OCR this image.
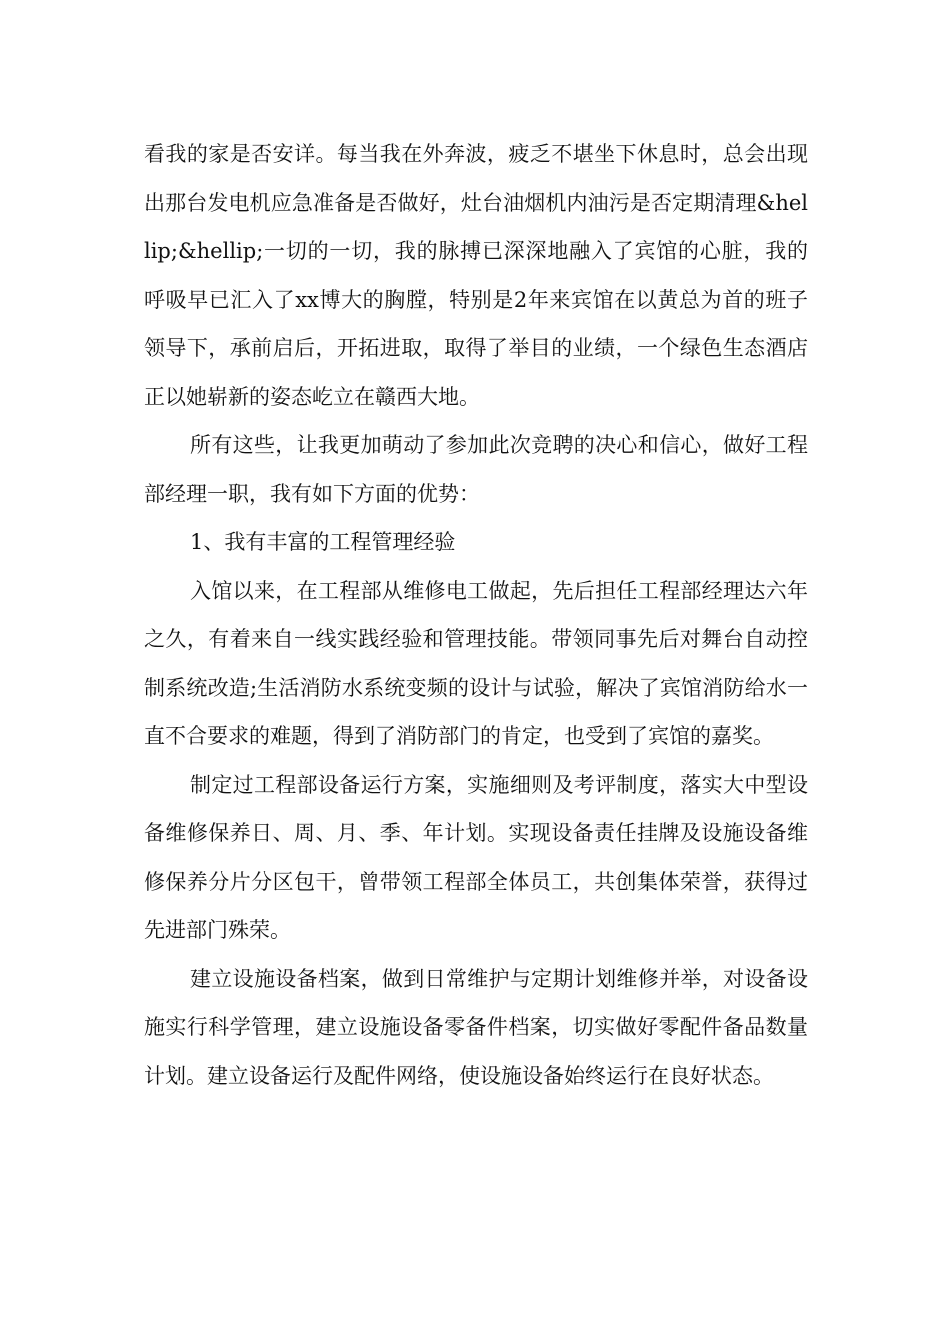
看我的家是否安详。每当我在外奔波，疲乏不堪坐下休息时，总会出现出那台发电机应急准备是否做好，灶台油烟机内油污是否定期清理&hellip;&hellip;一切的一切，我的脉搏已深深地融入了宾馆的心脏，我的呼吸早已汇入了xx博大的胸膛，特别是2年来宾馆在以黄总为首的班子领导下，承前启后，开拓进取，取得了举目的业绩，一个绿色生态酒店正以她崭新的姿态屹立在赣西大地。

所有这些，让我更加萌动了参加此次竞聘的决心和信心，做好工程部经理一职，我有如下方面的优势：

1、我有丰富的工程管理经验

入馆以来，在工程部从维修电工做起，先后担任工程部经理达六年之久，有着来自一线实践经验和管理技能。带领同事先后对舞台自动控制系统改造;生活消防水系统变频的设计与试验，解决了宾馆消防给水一直不合要求的难题，得到了消防部门的肯定，也受到了宾馆的嘉奖。

制定过工程部设备运行方案，实施细则及考评制度，落实大中型设备维修保养日、周、月、季、年计划。实现设备责任挂牌及设施设备维修保养分片分区包干，曾带领工程部全体员工，共创集体荣誉，获得过先进部门殊荣。

建立设施设备档案，做到日常维护与定期计划维修并举，对设备设施实行科学管理，建立设施设备零备件档案，切实做好零配件备品数量计划。建立设备运行及配件网络，使设施设备始终运行在良好状态。
